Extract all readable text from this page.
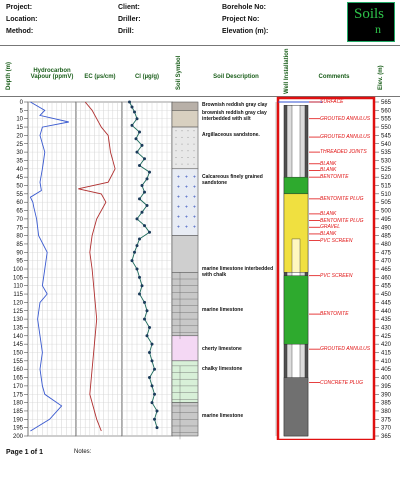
Project:
Location:
Method:
Client:
Driller:
Drill:
Borehole No:
Project No:
Elevation (m):
Soils
n
Depth (m)	Hydrocarbon Vapour (ppmV)	EC (µs/cm)	Cl (µg/g)	Soil Symbol	Soil Description	Well Installation	Comments	Elev. (m)
0
5
10
15
20
25
30
35
40
45
50
55
60
65
70
75
80
85
90
95
100
105
110
115
120
125
130
135
140
145
150
155
160
165
170
175
180
185
190
195
200
565
560
555
550
545
540
535
530
525
520
515
510
505
500
495
490
485
480
475
470
465
460
455
450
445
440
435
430
425
420
415
410
405
400
395
390
385
380
375
370
365
+ + +
+ + +
+ + +
+ + +
+ + +
+ + +
Brownish reddish gray clay
brownish reddish gray clay interbedded with silt
Argillaceous sandstone.
Calcareous finely grained sandstone
marine limestone interbedded with chalk
marine limestone
cherty limestone
chalky limestone
marine limestone
SURFACE
GROUTED ANNULUS
GROUTED ANNULUS
THREADED JOINTS
BLANK
BLANK
BENTONITE
BENTONITE PLUG
BLANK
BENTONITE PLUG
GRAVEL
BLANK
PVC SCREEN
PVC SCREEN
BENTONITE
GROUTED ANNULUS
CONCRETE PLUG
Page 1 of 1	Notes:
